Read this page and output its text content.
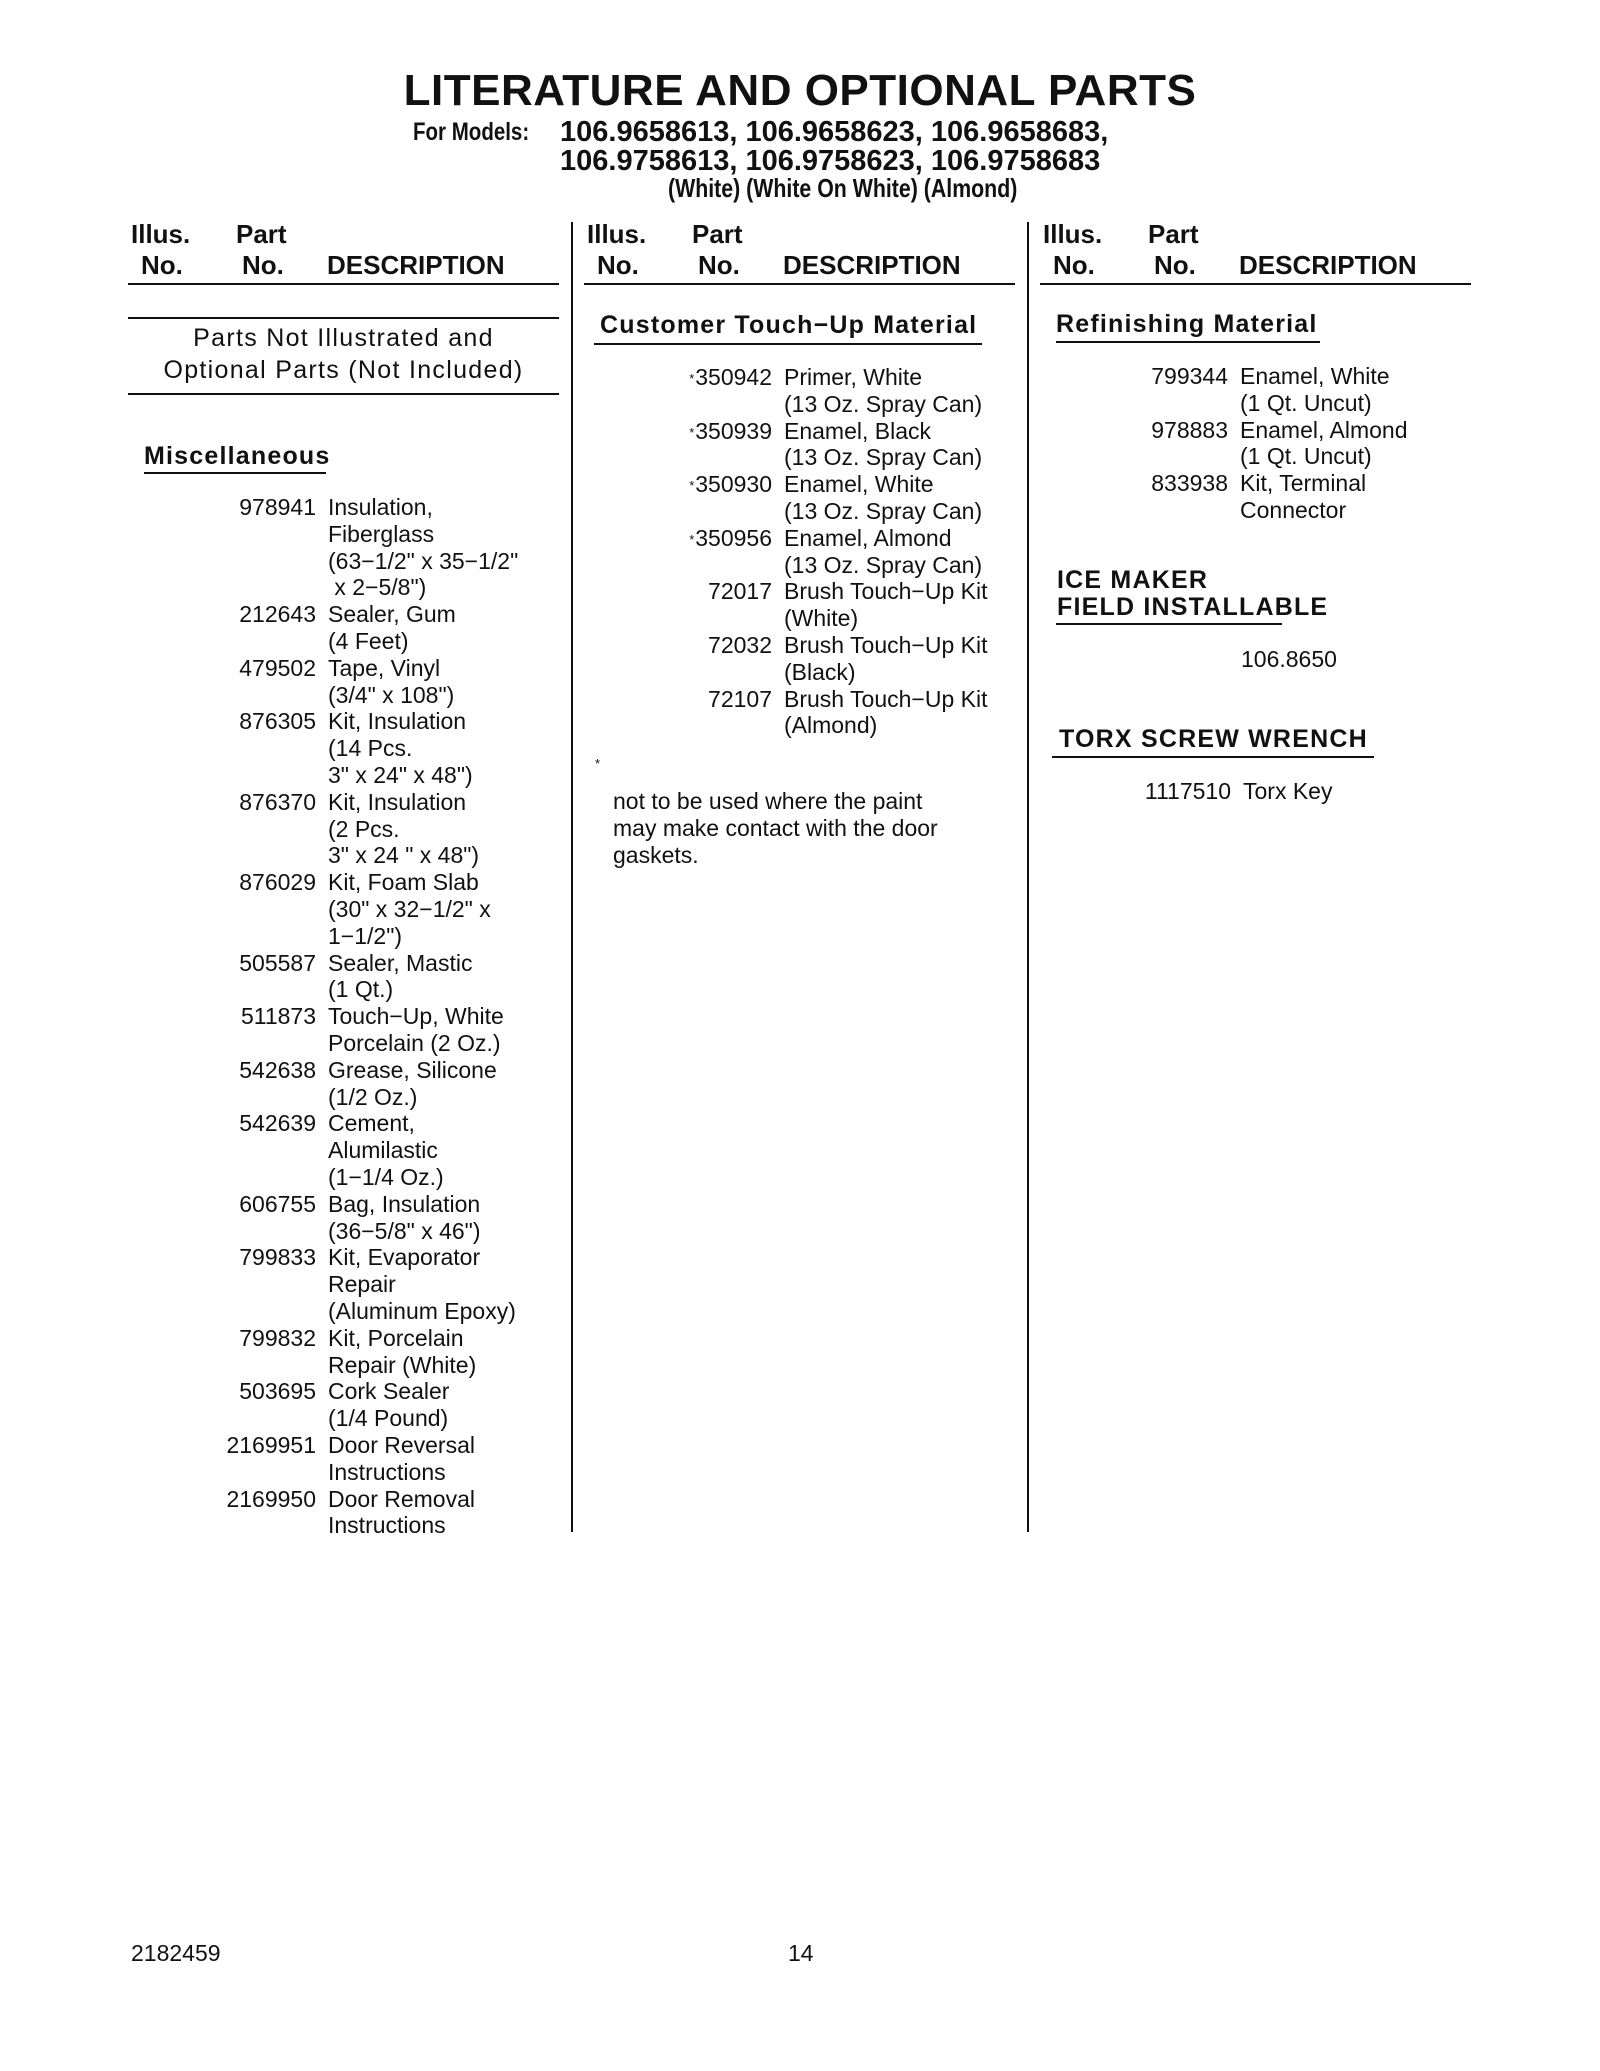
LITERATURE AND OPTIONAL PARTS
For Models: 106.9658613, 106.9658623, 106.9658683,
106.9758613, 106.9758623, 106.9758683
(White) (White On White) (Almond)
Illus. Part
No. No. DESCRIPTION
Illus. Part
No. No. DESCRIPTION
Illus. Part
No. No. DESCRIPTION
Parts Not Illustrated and
Optional Parts (Not Included)
Miscellaneous
978941 Insulation,
Fiberglass
(63−1/2" x 35−1/2"
x 2−5/8")
212643 Sealer, Gum
(4 Feet)
479502 Tape, Vinyl
(3/4" x 108")
876305 Kit, Insulation
(14 Pcs.
3" x 24" x 48")
876370 Kit, Insulation
(2 Pcs.
3" x 24 " x 48")
876029 Kit, Foam Slab
(30" x 32−1/2" x
1−1/2")
505587 Sealer, Mastic
(1 Qt.)
511873 Touch−Up, White
Porcelain (2 Oz.)
542638 Grease, Silicone
(1/2 Oz.)
542639 Cement,
Alumilastic
(1−1/4 Oz.)
606755 Bag, Insulation
(36−5/8" x 46")
799833 Kit, Evaporator
Repair
(Aluminum Epoxy)
799832 Kit, Porcelain
Repair (White)
503695 Cork Sealer
(1/4 Pound)
2169951 Door Reversal
Instructions
2169950 Door Removal
Instructions
Customer Touch−Up Material
*350942 Primer, White
(13 Oz. Spray Can)
*350939 Enamel, Black
(13 Oz. Spray Can)
*350930 Enamel, White
(13 Oz. Spray Can)
*350956 Enamel, Almond
(13 Oz. Spray Can)
72017 Brush Touch−Up Kit
(White)
72032 Brush Touch−Up Kit
(Black)
72107 Brush Touch−Up Kit
(Almond)
*
not to be used where the paint
may make contact with the door
gaskets.
Refinishing Material
799344 Enamel, White
(1 Qt. Uncut)
978883 Enamel, Almond
(1 Qt. Uncut)
833938 Kit, Terminal
Connector
ICE MAKER
FIELD INSTALLABLE
106.8650
TORX SCREW WRENCH
1117510 Torx Key
2182459	14
